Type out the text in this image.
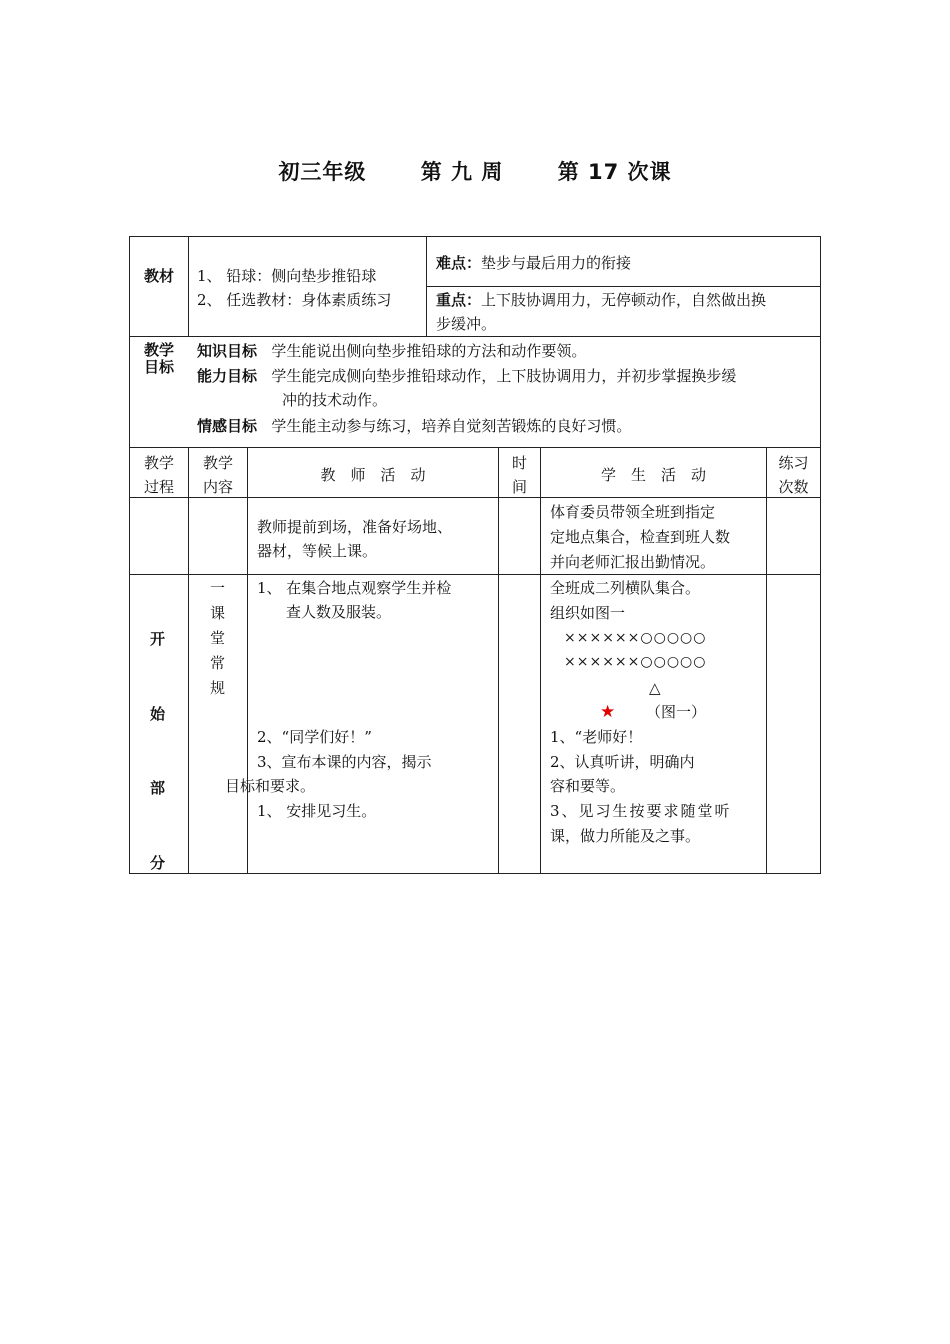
初三年级	第 九 周	第 17 次课
教材 1、 铅球：侧向垫步推铅球
2、 任选教材：身体素质练习
难点：垫步与最后用力的衔接
重点：上下肢协调用力，无停顿动作，自然做出换
步缓冲。
教学目标
知识目标 学生能说出侧向垫步推铅球的方法和动作要领。
能力目标 学生能完成侧向垫步推铅球动作，上下肢协调用力，并初步掌握换步缓
冲的技术动作。
情感目标 学生能主动参与练习，培养自觉刻苦锻炼的良好习惯。
教学
过程
教学
内容
教　师　活　动
时
间
学　生　活　动
练习
次数
教师提前到场，准备好场地、
器材，等候上课。
体育委员带领全班到指定
定地点集合，检查到班人数
并向老师汇报出勤情况。
开
始
部
分
一
课
堂
常
规
1、 在集合地点观察学生并检
查人数及服装。
2、“同学们好！”
3、宣布本课的内容，揭示
目标和要求。
1、 安排见习生。
全班成二列横队集合。
组织如图一
××××××○○○○○
××××××○○○○○
△
★ （图一）
1、“老师好！
2、认真听讲，明确内
容和要等。
3、见习生按要求随堂听
课，做力所能及之事。
